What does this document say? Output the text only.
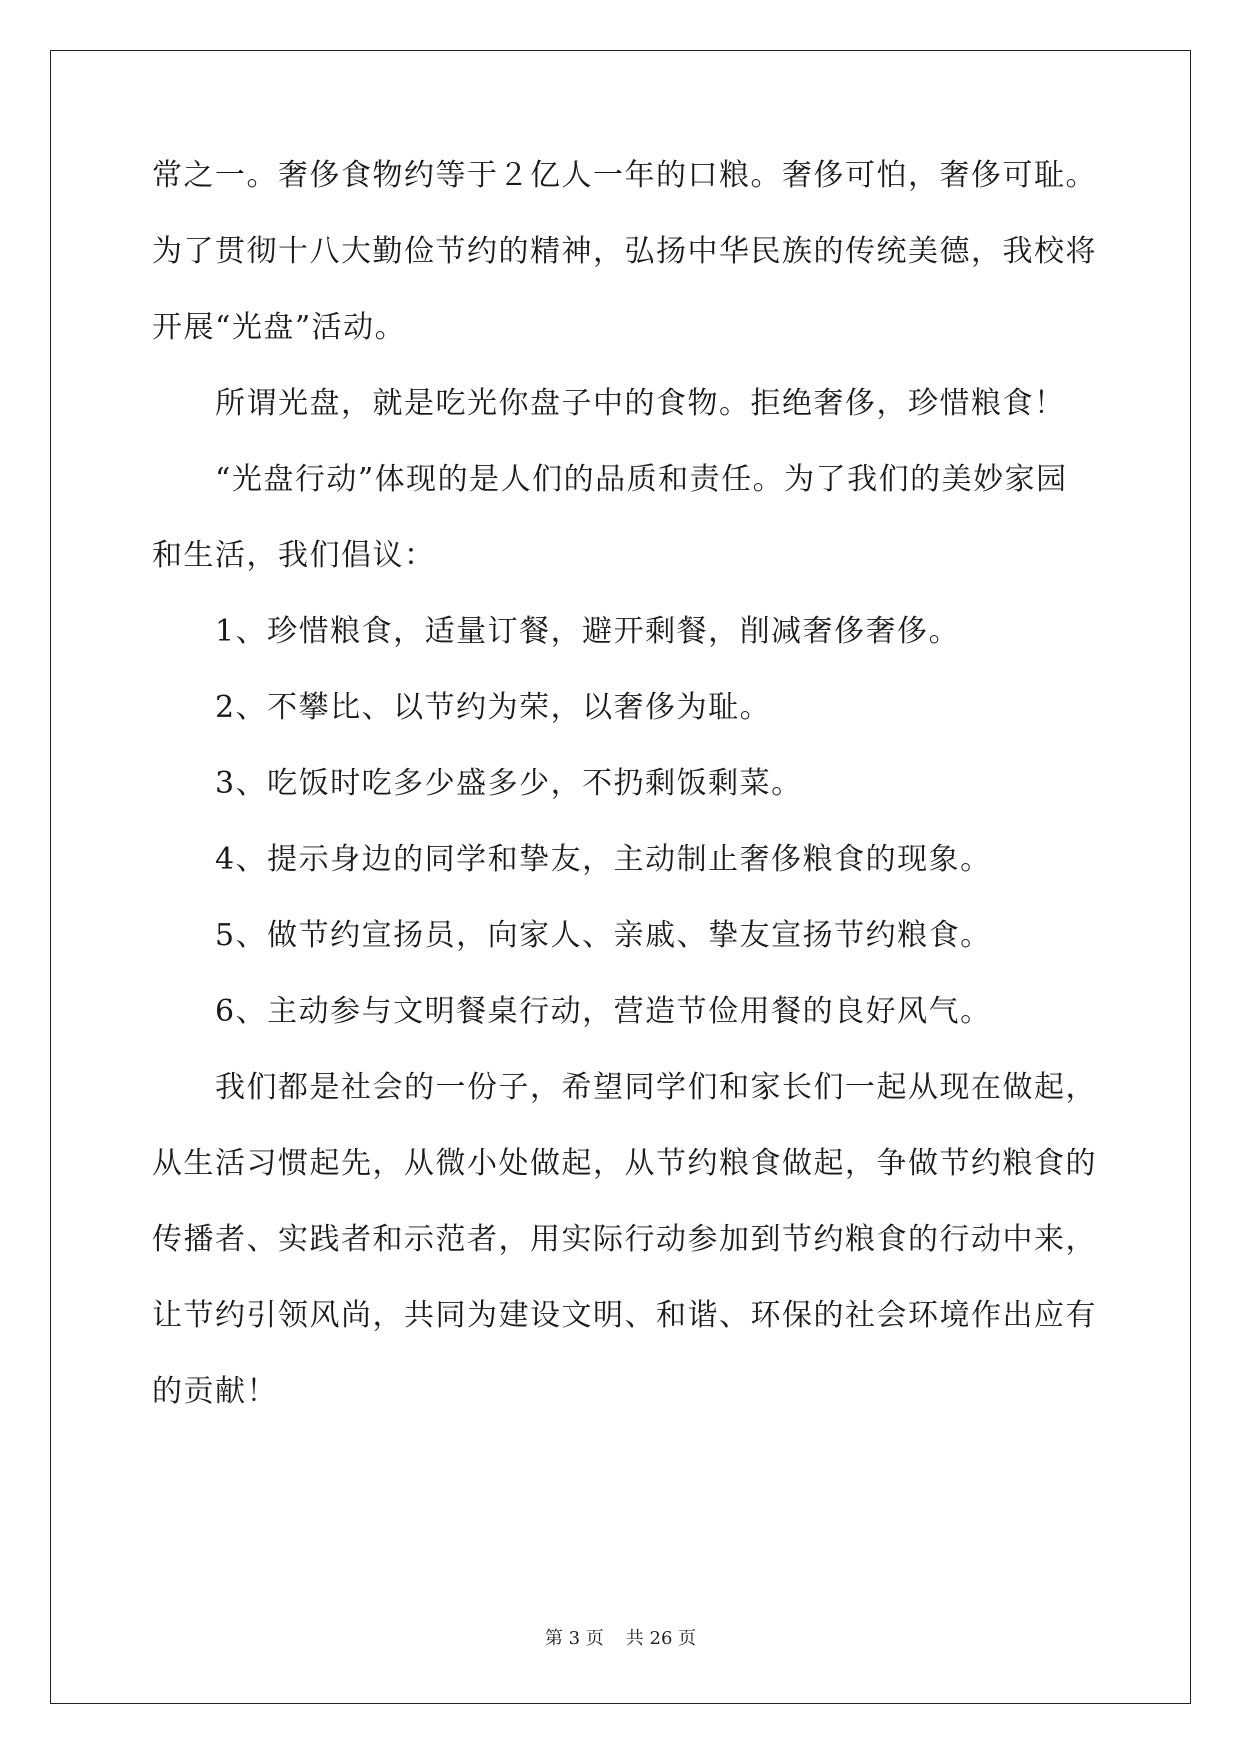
常之一。奢侈食物约等于２亿人一年的口粮。奢侈可怕，奢侈可耻。
为了贯彻十八大勤俭节约的精神，弘扬中华民族的传统美德，我校将
开展“光盘”活动。
所谓光盘，就是吃光你盘子中的食物。拒绝奢侈，珍惜粮食！
“光盘行动”体现的是人们的品质和责任。为了我们的美妙家园
和生活，我们倡议：
1、珍惜粮食，适量订餐，避开剩餐，削减奢侈奢侈。
2、不攀比、以节约为荣，以奢侈为耻。
3、吃饭时吃多少盛多少，不扔剩饭剩菜。
4、提示身边的同学和挚友，主动制止奢侈粮食的现象。
5、做节约宣扬员，向家人、亲戚、挚友宣扬节约粮食。
6、主动参与文明餐桌行动，营造节俭用餐的良好风气。
我们都是社会的一份子，希望同学们和家长们一起从现在做起，
从生活习惯起先，从微小处做起，从节约粮食做起，争做节约粮食的
传播者、实践者和示范者，用实际行动参加到节约粮食的行动中来，
让节约引领风尚，共同为建设文明、和谐、环保的社会环境作出应有
的贡献！
第 3 页 共 26 页
